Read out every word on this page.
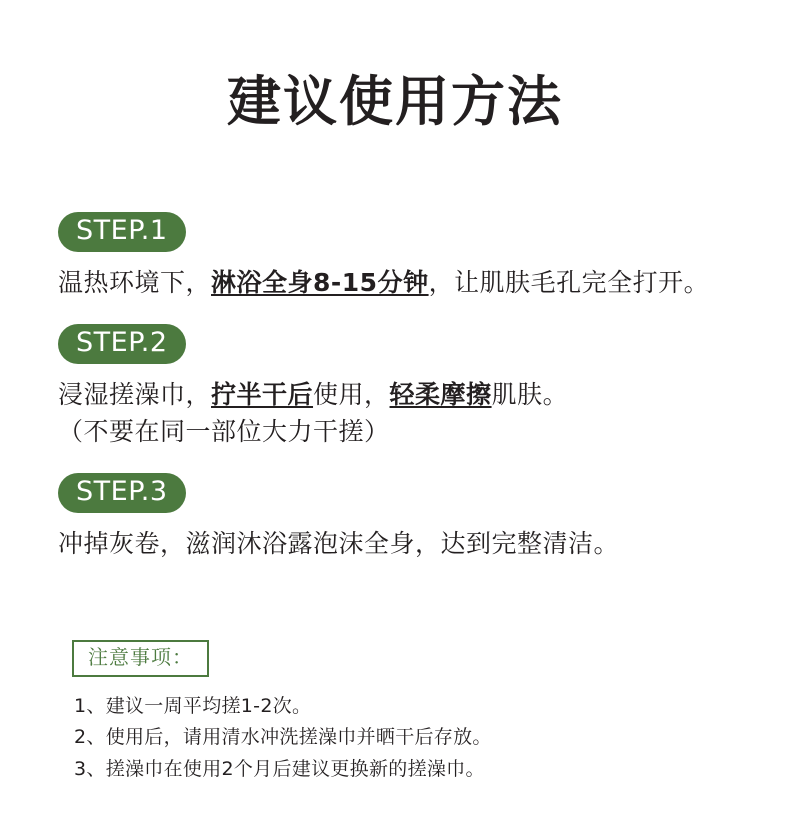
建议使用方法
STEP.1
温热环境下，淋浴全身8-15分钟，让肌肤毛孔完全打开。
STEP.2
浸湿搓澡巾，拧半干后使用，轻柔摩擦肌肤。
（不要在同一部位大力干搓）
STEP.3
冲掉灰卷，滋润沐浴露泡沫全身，达到完整清洁。
注意事项：
1、建议一周平均搓1-2次。
2、使用后，请用清水冲洗搓澡巾并晒干后存放。
3、搓澡巾在使用2个月后建议更换新的搓澡巾。
